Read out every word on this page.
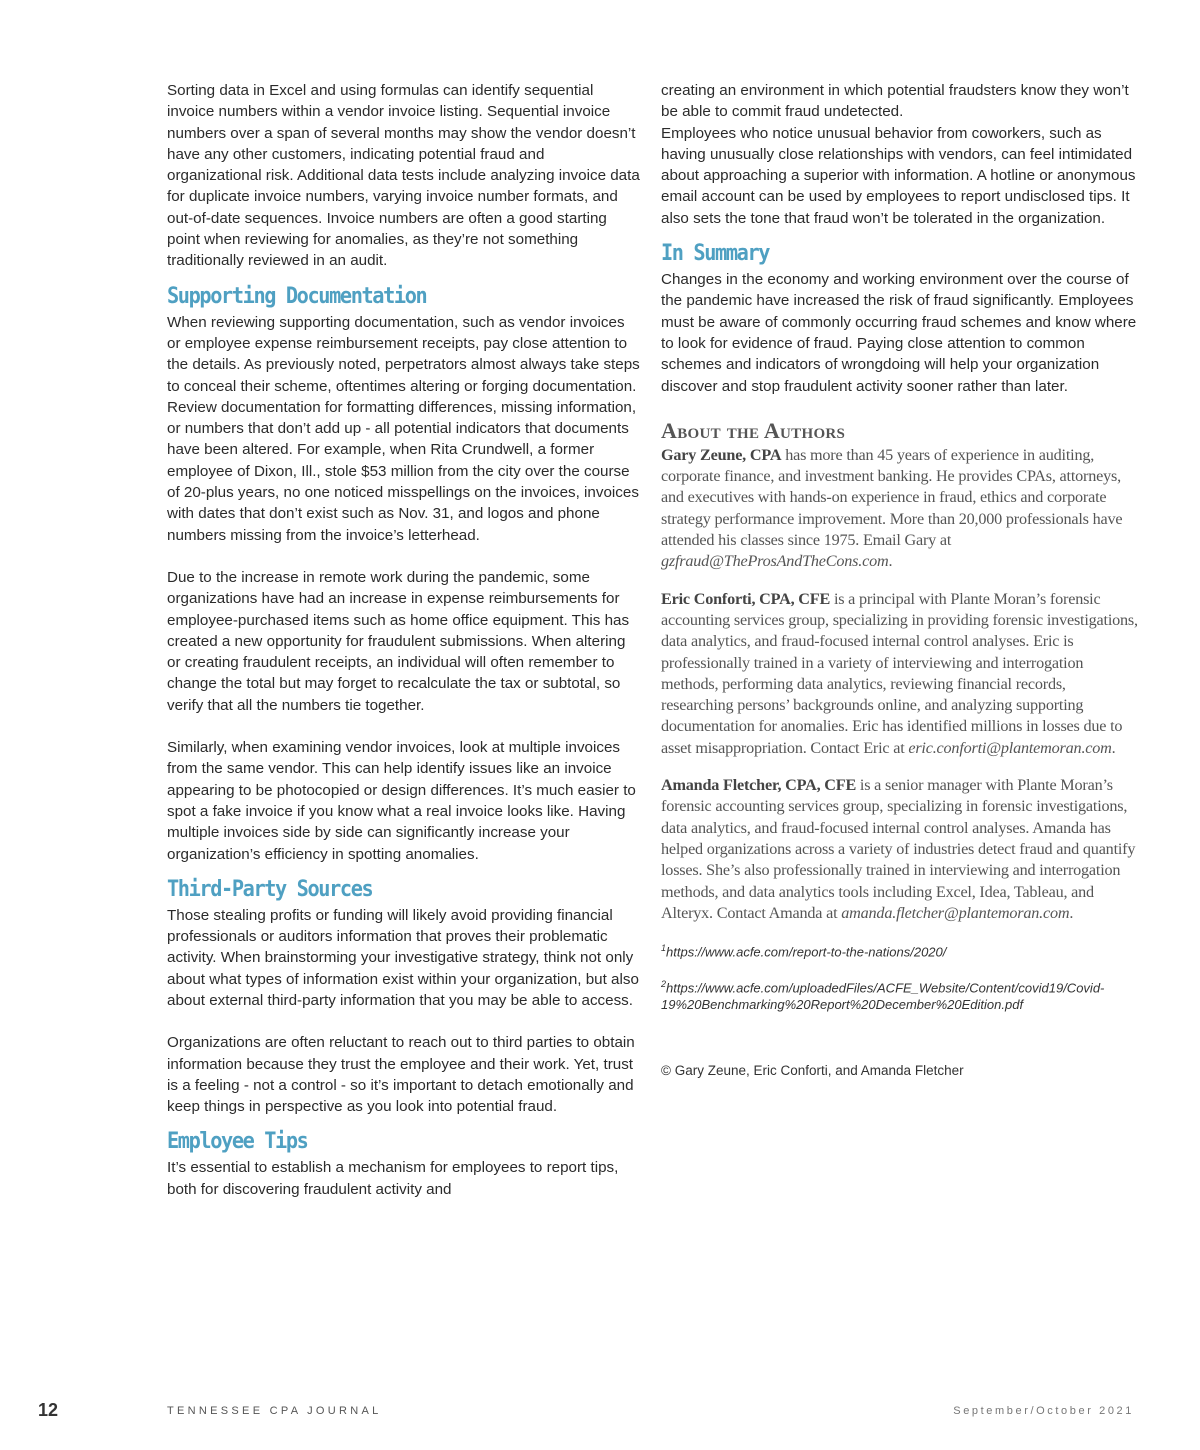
Sorting data in Excel and using formulas can identify sequential invoice numbers within a vendor invoice listing. Sequential invoice numbers over a span of several months may show the vendor doesn’t have any other customers, indicating potential fraud and organizational risk. Additional data tests include analyzing invoice data for duplicate invoice numbers, varying invoice number formats, and out-of-date sequences. Invoice numbers are often a good starting point when reviewing for anomalies, as they’re not something traditionally reviewed in an audit.

Supporting Documentation

When reviewing supporting documentation, such as vendor invoices or employee expense reimbursement receipts, pay close attention to the details. As previously noted, perpetrators almost always take steps to conceal their scheme, oftentimes altering or forging documentation. Review documentation for formatting differences, missing information, or numbers that don’t add up - all potential indicators that documents have been altered. For example, when Rita Crundwell, a former employee of Dixon, Ill., stole $53 million from the city over the course of 20-plus years, no one noticed misspellings on the invoices, invoices with dates that don’t exist such as Nov. 31, and logos and phone numbers missing from the invoice’s letterhead.

Due to the increase in remote work during the pandemic, some organizations have had an increase in expense reimbursements for employee-purchased items such as home office equipment. This has created a new opportunity for fraudulent submissions. When altering or creating fraudulent receipts, an individual will often remember to change the total but may forget to recalculate the tax or subtotal, so verify that all the numbers tie together.

Similarly, when examining vendor invoices, look at multiple invoices from the same vendor. This can help identify issues like an invoice appearing to be photocopied or design differences. It’s much easier to spot a fake invoice if you know what a real invoice looks like. Having multiple invoices side by side can significantly increase your organization’s efficiency in spotting anomalies.

Third-Party Sources

Those stealing profits or funding will likely avoid providing financial professionals or auditors information that proves their problematic activity. When brainstorming your investigative strategy, think not only about what types of information exist within your organization, but also about external third-party information that you may be able to access.

Organizations are often reluctant to reach out to third parties to obtain information because they trust the employee and their work. Yet, trust is a feeling - not a control - so it’s important to detach emotionally and keep things in perspective as you look into potential fraud.

Employee Tips

It’s essential to establish a mechanism for employees to report tips, both for discovering fraudulent activity and

creating an environment in which potential fraudsters know they won’t be able to commit fraud undetected.

Employees who notice unusual behavior from coworkers, such as having unusually close relationships with vendors, can feel intimidated about approaching a superior with information. A hotline or anonymous email account can be used by employees to report undisclosed tips. It also sets the tone that fraud won’t be tolerated in the organization.

In Summary

Changes in the economy and working environment over the course of the pandemic have increased the risk of fraud significantly. Employees must be aware of commonly occurring fraud schemes and know where to look for evidence of fraud. Paying close attention to common schemes and indicators of wrongdoing will help your organization discover and stop fraudulent activity sooner rather than later.

About the Authors

Gary Zeune, CPA has more than 45 years of experience in auditing, corporate finance, and investment banking. He provides CPAs, attorneys, and executives with hands-on experience in fraud, ethics and corporate strategy performance improvement. More than 20,000 professionals have attended his classes since 1975. Email Gary at gzfraud@TheProsAndTheCons.com.

Eric Conforti, CPA, CFE is a principal with Plante Moran’s forensic accounting services group, specializing in providing forensic investigations, data analytics, and fraud-focused internal control analyses. Eric is professionally trained in a variety of interviewing and interrogation methods, performing data analytics, reviewing financial records, researching persons’ backgrounds online, and analyzing supporting documentation for anomalies. Eric has identified millions in losses due to asset misappropriation. Contact Eric at eric.conforti@plantemoran.com.

Amanda Fletcher, CPA, CFE is a senior manager with Plante Moran’s forensic accounting services group, specializing in forensic investigations, data analytics, and fraud-focused internal control analyses. Amanda has helped organizations across a variety of industries detect fraud and quantify losses. She’s also professionally trained in interviewing and interrogation methods, and data analytics tools including Excel, Idea, Tableau, and Alteryx. Contact Amanda at amanda.fletcher@plantemoran.com.

$^1$https://www.acfe.com/report-to-the-nations/2020/

$^2$https://www.acfe.com/uploadedFiles/ACFE_Website/Content/covid19/Covid-19%20Benchmarking%20Report%20December%20Edition.pdf

© Gary Zeune, Eric Conforti, and Amanda Fletcher
12	TENNESSEE CPA JOURNAL	September/October 2021
